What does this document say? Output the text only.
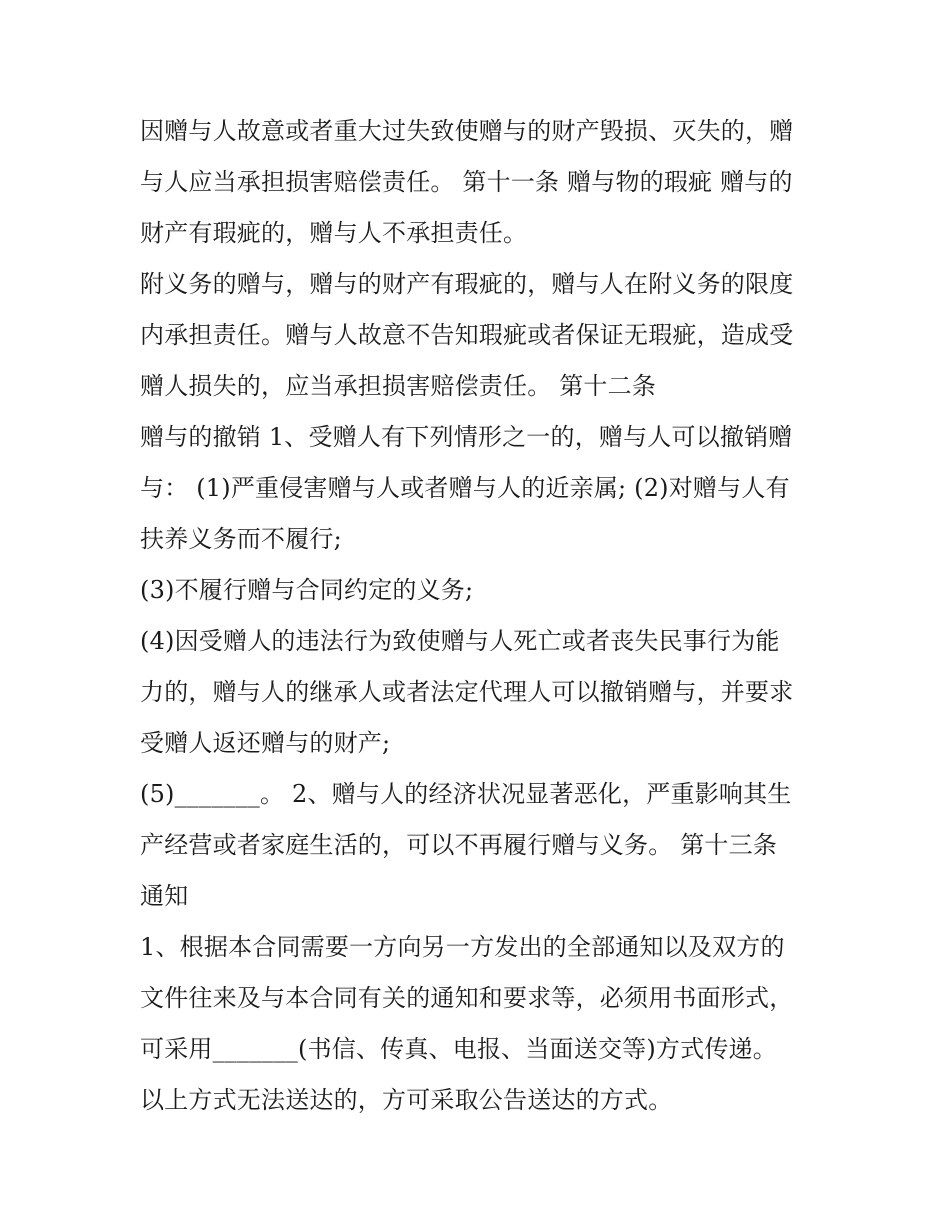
因赠与人故意或者重大过失致使赠与的财产毁损、灭失的，赠
与人应当承担损害赔偿责任。 第十一条 赠与物的瑕疵 赠与的
财产有瑕疵的，赠与人不承担责任。
附义务的赠与，赠与的财产有瑕疵的，赠与人在附义务的限度
内承担责任。赠与人故意不告知瑕疵或者保证无瑕疵，造成受
赠人损失的，应当承担损害赔偿责任。 第十二条
赠与的撤销 1、受赠人有下列情形之一的，赠与人可以撤销赠
与： (1)严重侵害赠与人或者赠与人的近亲属; (2)对赠与人有
扶养义务而不履行;
(3)不履行赠与合同约定的义务;
(4)因受赠人的违法行为致使赠与人死亡或者丧失民事行为能
力的，赠与人的继承人或者法定代理人可以撤销赠与，并要求
受赠人返还赠与的财产;
(5)_______。 2、赠与人的经济状况显著恶化，严重影响其生
产经营或者家庭生活的，可以不再履行赠与义务。 第十三条
通知
1、根据本合同需要一方向另一方发出的全部通知以及双方的
文件往来及与本合同有关的通知和要求等，必须用书面形式，
可采用_______(书信、传真、电报、当面送交等)方式传递。
以上方式无法送达的，方可采取公告送达的方式。
